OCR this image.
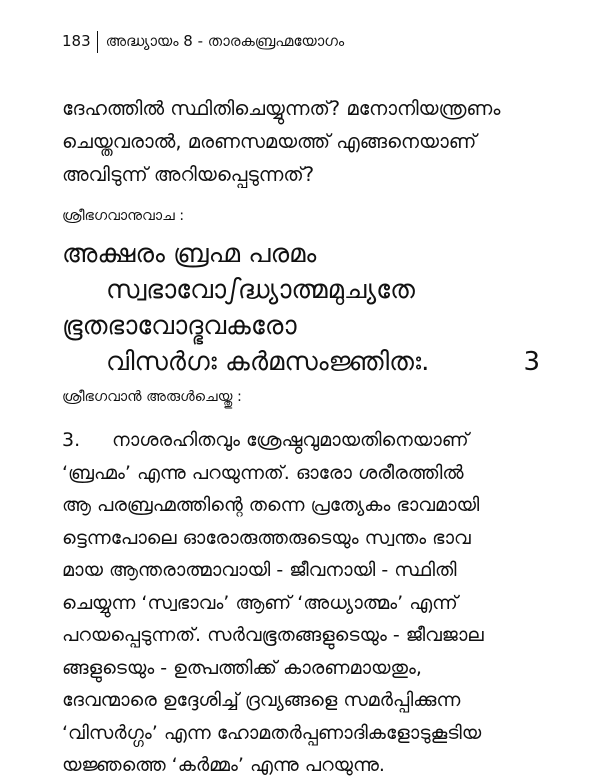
183 അദ്ധ്യായം 8 - താരകബ്രഹ്മയോഗം
ദേഹത്തിൽ സ്ഥിതിചെയ്യുന്നത്? മനോനിയന്ത്രണം
ചെയ്തവരാൽ, മരണസമയത്ത് എങ്ങനെയാണ്
അവിടുന്ന് അറിയപ്പെടുന്നത്?
ശ്രീഭഗവാനുവാച :
അക്ഷരം ബ്രഹ്മ പരമം
സ്വഭാവോഽദ്ധ്യാത്മമുച്യതേ
ഭൂതഭാവോദ്ഭവകരോ
വിസർഗഃ കർമസംജ്ഞിതഃ.	3
ശ്രീഭഗവാൻ അരുൾചെയ്തു :
3. നാശരഹിതവും ശ്രേഷ്ഠവുമായതിനെയാണ്
‘ബ്രഹ്മം’ എന്നു പറയുന്നത്. ഓരോ ശരീരത്തിൽ
ആ പരബ്രഹ്മത്തിന്റെ തന്നെ പ്രത്യേകം ഭാവമായി
ട്ടെന്നപോലെ ഓരോരുത്തരുടെയും സ്വന്തം ഭാവ
മായ ആന്തരാത്മാവായി - ജീവനായി - സ്ഥിതി
ചെയ്യുന്ന ‘സ്വഭാവം’ ആണ് ‘അധ്യാത്മം’ എന്ന്
പറയപ്പെടുന്നത്. സർവഭൂതങ്ങളുടെയും - ജീവജാല
ങ്ങളുടെയും - ഉത്പത്തിക്ക് കാരണമായതും,
ദേവന്മാരെ ഉദ്ദേശിച്ച് ദ്രവ്യങ്ങളെ സമർപ്പിക്കുന്ന
‘വിസർഗ്ഗം’ എന്ന ഹോമതർപ്പണാദികളോടുകൂടിയ
യജ്ഞത്തെ ‘കർമ്മം’ എന്നു പറയുന്നു.
